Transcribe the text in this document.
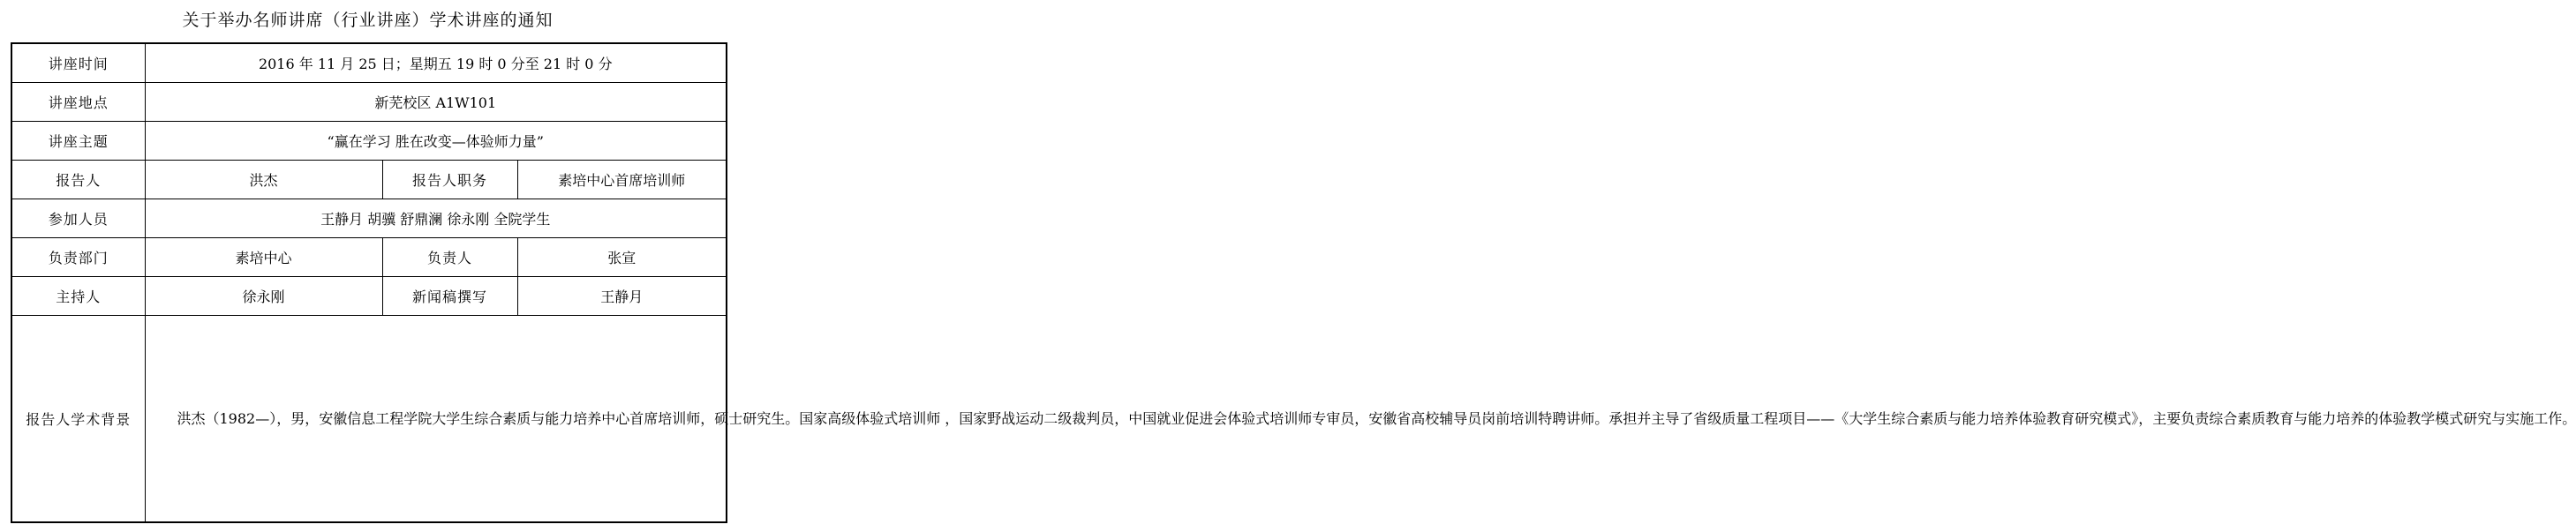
关于举办名师讲席（行业讲座）学术讲座的通知
讲座时间	2016 年 11 月 25 日；星期五 19 时 0 分至 21 时 0 分		
讲座地点	新芜校区 A1W101		
讲座主题	“赢在学习 胜在改变—体验师力量”		
报告人	洪杰	报告人职务	素培中心首席培训师
参加人员	王静月 胡骥 舒鼎澜 徐永刚 全院学生		
负责部门	素培中心	负责人	张宣
主持人	徐永刚	新闻稿撰写	王静月
报告人学术背景	洪杰（1982—），男，安徽信息工程学院大学生综合素质与能力培养中心首席培训师，硕士研究生。国家高级体验式培训师 ，国家野战运动二级裁判员，中国就业促进会体验式培训师专审员，安徽省高校辅导员岗前培训特聘讲师。承担并主导了省级质量工程项目——《大学生综合素质与能力培养体验教育研究模式》，主要负责综合素质教育与能力培养的体验教学模式研究与实施工作。		
